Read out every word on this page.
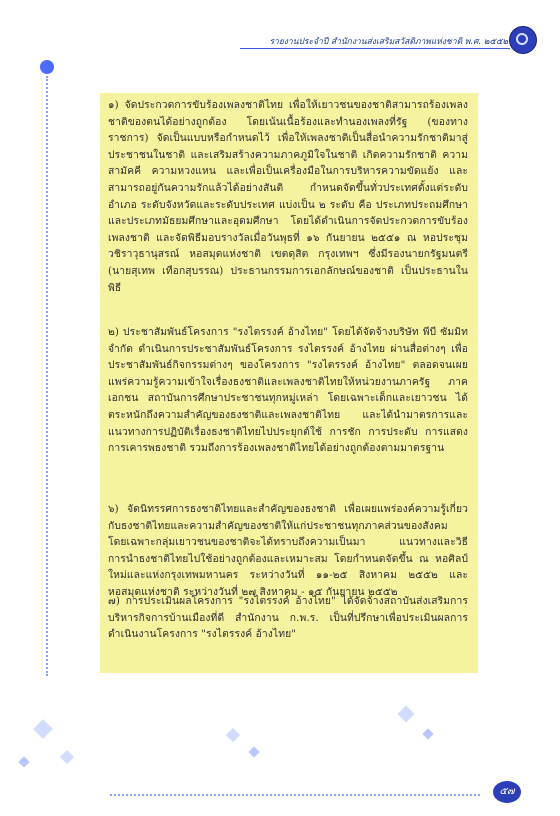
รายงานประจำปี สำนักงานส่งเสริมสวัสดิภาพแห่งชาติ พ.ศ. ๒๕๕๒
๑) จัดประกวดการขับร้องเพลงชาติไทย เพื่อให้เยาวชนของชาติสามารถร้องเพลงชาติของตนได้อย่างถูกต้อง โดยเน้นเนื้อร้องและทำนองเพลงที่รัฐ (ของทางราชการ) จัดเป็นแบบหรือกำหนดไว้ เพื่อให้เพลงชาติเป็นสื่อนำความรักชาติมาสู่ประชาชนในชาติ และเสริมสร้างความภาคภูมิใจในชาติ เกิดความรักชาติ ความสามัคคี ความหวงแหน และเพื่อเป็นเครื่องมือในการบริหารความขัดแย้ง และสามารถอยู่กันความรักแล้วได้อย่างสันติ กำหนดจัดขึ้นทั่วประเทศตั้งแต่ระดับอำเภอ ระดับจังหวัดและระดับประเทศ แบ่งเป็น ๒ ระดับ คือ ประเภทประถมศึกษา และประเภทมัธยมศึกษาและอุดมศึกษา โดยได้ดำเนินการจัดประกวดการขับร้องเพลงชาติ และจัดพิธีมอบรางวัลเมื่อวันพุธที่ ๑๖ กันยายน ๒๕๕๑ ณ หอประชุมวชิราวุธานุสรณ์ หอสมุดแห่งชาติ เขตดุสิต กรุงเทพฯ ซึ่งมีรองนายกรัฐมนตรี (นายสุเทพ เทือกสุบรรณ) ประธานกรรมการเอกลักษณ์ของชาติ เป็นประธานในพิธี
๒) ประชาสัมพันธ์โครงการ "รงไตรรงค์ อ้างไทย" โดยได้จัดจ้างบริษัท พีบี ซัมมิท จำกัด ดำเนินการประชาสัมพันธ์โครงการ รงไตรรงค์ อ้างไทย ผ่านสื่อต่างๆ เพื่อประชาสัมพันธ์กิจกรรมต่างๆ ของโครงการ "รงไตรรงค์ อ้างไทย" ตลอดจนเผยแพร่ความรู้ความเข้าใจเรื่องธงชาติและเพลงชาติไทยให้หน่วยงานภาครัฐ ภาคเอกชน สถาบันการศึกษาประชาชนทุกหมู่เหล่า โดยเฉพาะเด็กและเยาวชน ได้ตระหนักถึงความสำคัญของธงชาติและเพลงชาติไทย และได้นำมาตรการและแนวทางการปฏิบัติเรื่องธงชาติไทยไปประยุกต์ใช้ การชัก การประดับ การแสดง การเคารพธงชาติ รวมถึงการร้องเพลงชาติไทยได้อย่างถูกต้องตามมาตรฐาน
๖) จัดนิทรรศการธงชาติไทยและสำคัญของธงชาติ เพื่อเผยแพร่องค์ความรู้เกี่ยวกับธงชาติไทยและความสำคัญของชาติให้แก่ประชาชนทุกภาคส่วนของสังคม โดยเฉพาะกลุ่มเยาวชนของชาติจะได้ทราบถึงความเป็นมา แนวทางและวิธีการนำธงชาติไทยไปใช้อย่างถูกต้องและเหมาะสม โดยกำหนดจัดขึ้น ณ หอศิลป์ใหม่และแห่งกรุงเทพมหานคร ระหว่างวันที่ ๑๑-๒๕ สิงหาคม ๒๕๕๒ และหอสมุดแห่งชาติ ระหว่างวันที่ ๒๗ สิงหาคม - ๑๕ กันยายน ๒๕๕๒
๗) การประเมินผลโครงการ "รงไตรรงค์ อ้างไทย" ได้จัดจ้างสถาบันส่งเสริมการบริหารกิจการบ้านเมืองที่ดี สำนักงาน ก.พ.ร. เป็นที่ปรึกษาเพื่อประเมินผลการดำเนินงานโครงการ "รงไตรรงค์ อ้างไทย"
๕๗
